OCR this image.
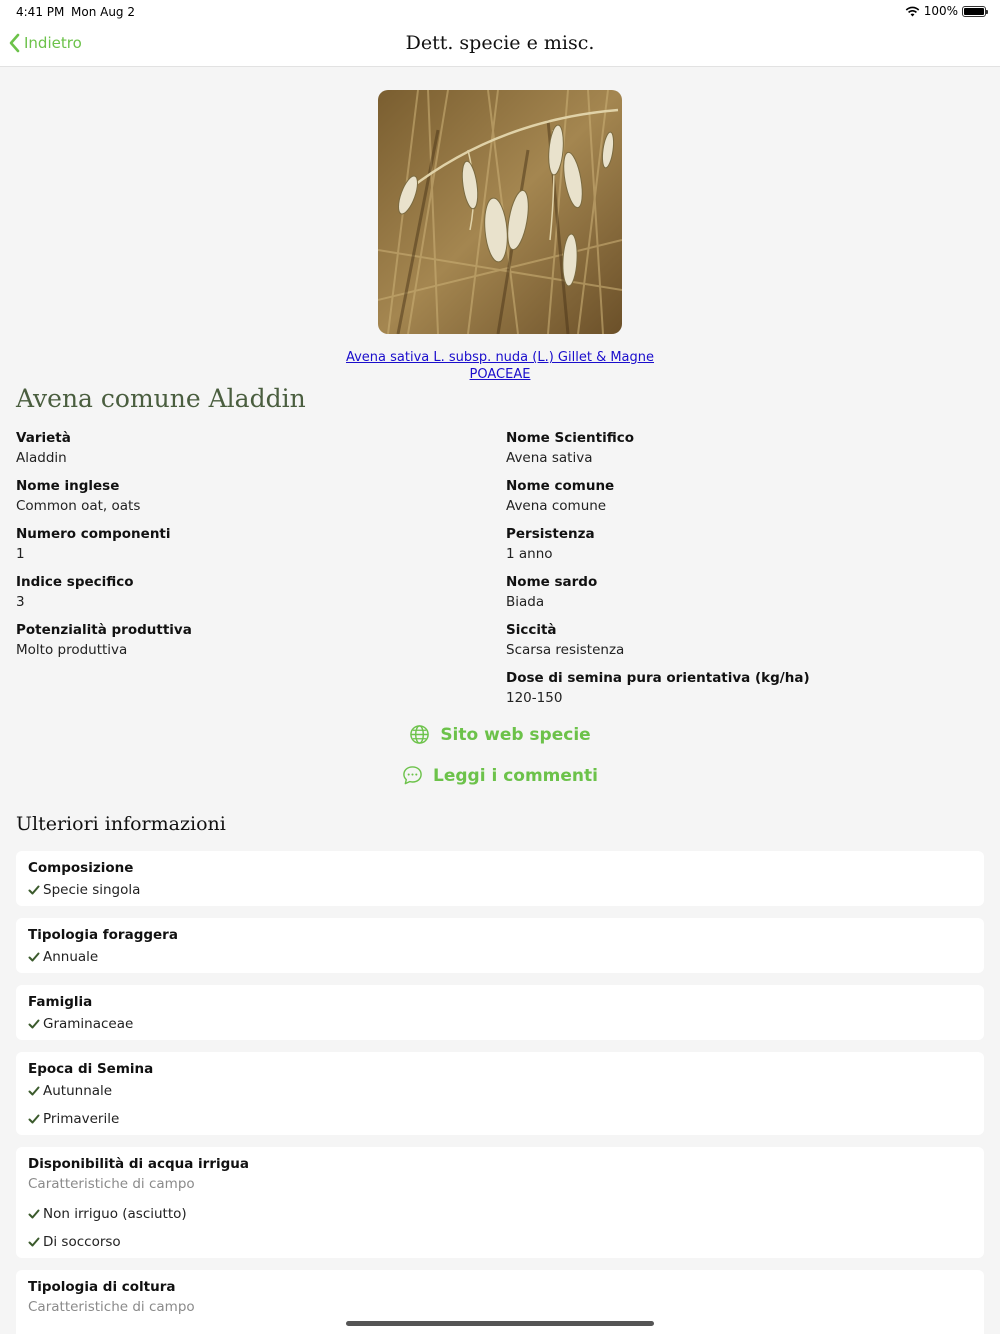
4:41 PM Mon Aug 2	100%
Indietro	Dett. specie e misc.
Avena sativa L. subsp. nuda (L.) Gillet & Magne
POACEAE
Avena comune Aladdin
Varietà
Aladdin
Nome inglese
Common oat, oats
Numero componenti
1
Indice specifico
3
Potenzialità produttiva
Molto produttiva
Nome Scientifico
Avena sativa
Nome comune
Avena comune
Persistenza
1 anno
Nome sardo
Biada
Siccità
Scarsa resistenza
Dose di semina pura orientativa (kg/ha)
120-150
Sito web specie
Leggi i commenti
Ulteriori informazioni
Composizione
Specie singola
Tipologia foraggera
Annuale
Famiglia
Graminaceae
Epoca di Semina
Autunnale
Primaverile
Disponibilità di acqua irrigua
Caratteristiche di campo
Non irriguo (asciutto)
Di soccorso
Tipologia di coltura
Caratteristiche di campo
